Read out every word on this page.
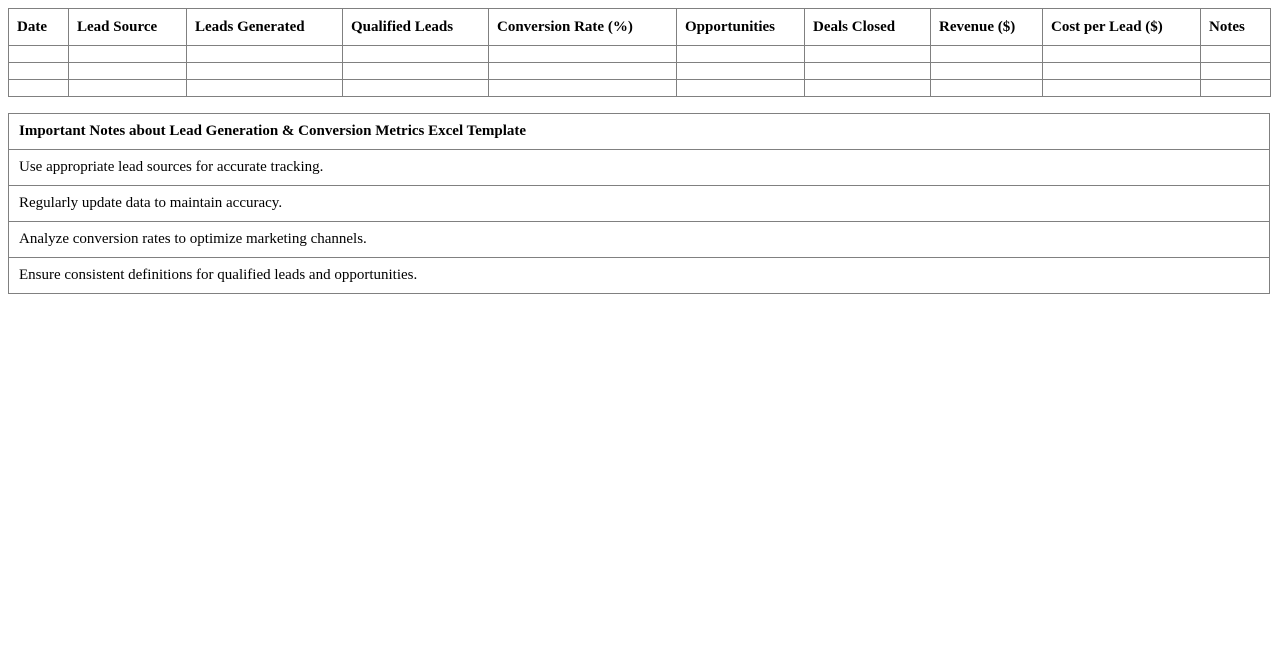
Date	Lead Source	Leads Generated	Qualified Leads	Conversion Rate (%)	Opportunities	Deals Closed	Revenue ($)	Cost per Lead ($)	Notes

Important Notes about Lead Generation & Conversion Metrics Excel Template
Use appropriate lead sources for accurate tracking.
Regularly update data to maintain accuracy.
Analyze conversion rates to optimize marketing channels.
Ensure consistent definitions for qualified leads and opportunities.
